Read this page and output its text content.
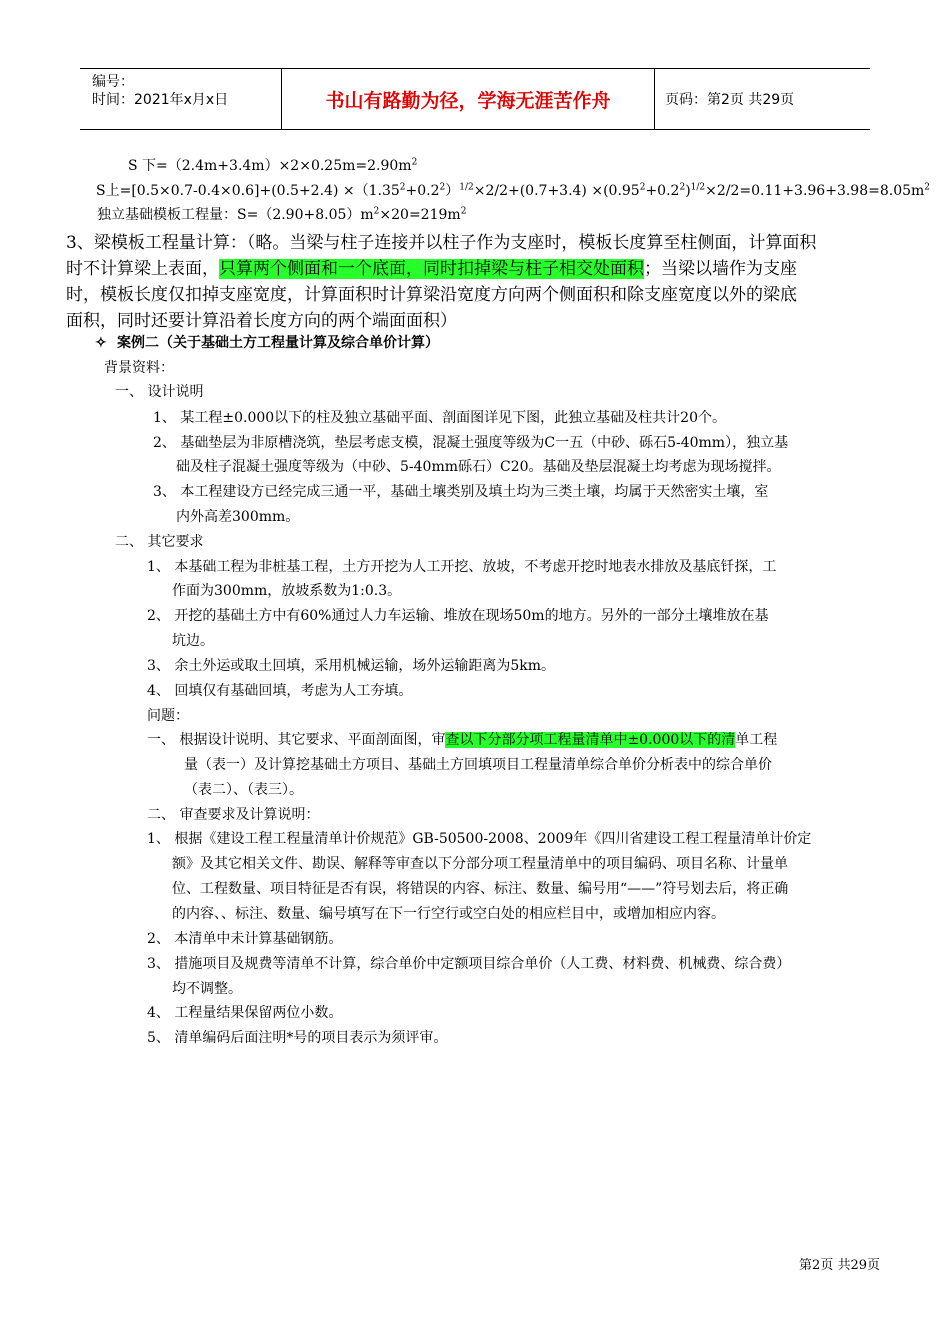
编号：
时间：2021年x月x日	书山有路勤为径，学海无涯苦作舟	页码：第2页 共29页
S 下$=(2.4m+3.4m)\times 2\times 0.25m=2.90m^2$
S上$=[0.5\times 0.7-0.4\times 0.6]+(0.5+2.4) \times(1.35^2+0.2^2)^{1/2}\times 2/2+(0.7+3.4) \times(0.95^2+0.2^2)^{1/2}\times 2/2=0.11+3.96+3.98=8.05m^2$
独立基础模板工程量：$S=(2.90+8.05)m^2\times 20=219m^2$
3、梁模板工程量计算：（略。当梁与柱子连接并以柱子作为支座时，模板长度算至柱侧面，计算面积
时不计算梁上表面，只算两个侧面和一个底面，同时扣掉梁与柱子相交处面积；当梁以墙作为支座
时，模板长度仅扣掉支座宽度，计算面积时计算梁沿宽度方向两个侧面积和除支座宽度以外的梁底
面积，同时还要计算沿着长度方向的两个端面面积）
✧ 案例二（关于基础土方工程量计算及综合单价计算）
背景资料：
一、 设计说明
1、 某工程±0.000以下的柱及独立基础平面、剖面图详见下图，此独立基础及柱共计20个。
2、 基础垫层为非原槽浇筑，垫层考虑支模，混凝土强度等级为C一五（中砂、砾石5-40mm），独立基
础及柱子混凝土强度等级为（中砂、5-40mm砾石）C20。基础及垫层混凝土均考虑为现场搅拌。
3、 本工程建设方已经完成三通一平，基础土壤类别及填土均为三类土壤，均属于天然密实土壤，室
内外高差300mm。
二、 其它要求
1、 本基础工程为非桩基工程，土方开挖为人工开挖、放坡，不考虑开挖时地表水排放及基底钎探，工
作面为300mm，放坡系数为1:0.3。
2、 开挖的基础土方中有60%通过人力车运输、堆放在现场50m的地方。另外的一部分土壤堆放在基
坑边。
3、 余土外运或取土回填，采用机械运输，场外运输距离为5km。
4、 回填仅有基础回填，考虑为人工夯填。
问题：
一、 根据设计说明、其它要求、平面剖面图，审查以下分部分项工程量清单中±0.000以下的清单工程
量（表一）及计算挖基础土方项目、基础土方回填项目工程量清单综合单价分析表中的综合单价
（表二）、（表三）。
二、 审查要求及计算说明：
1、 根据《建设工程工程量清单计价规范》GB-50500-2008、2009年《四川省建设工程工程量清单计价定
额》及其它相关文件、勘误、解释等审查以下分部分项工程量清单中的项目编码、项目名称、计量单
位、工程数量、项目特征是否有误，将错误的内容、标注、数量、编号用“——”符号划去后，将正确
的内容、、标注、数量、编号填写在下一行空行或空白处的相应栏目中，或增加相应内容。
2、 本清单中未计算基础钢筋。
3、 措施项目及规费等清单不计算，综合单价中定额项目综合单价（人工费、材料费、机械费、综合费）
均不调整。
4、 工程量结果保留两位小数。
5、 清单编码后面注明*号的项目表示为须评审。
第2页 共29页
